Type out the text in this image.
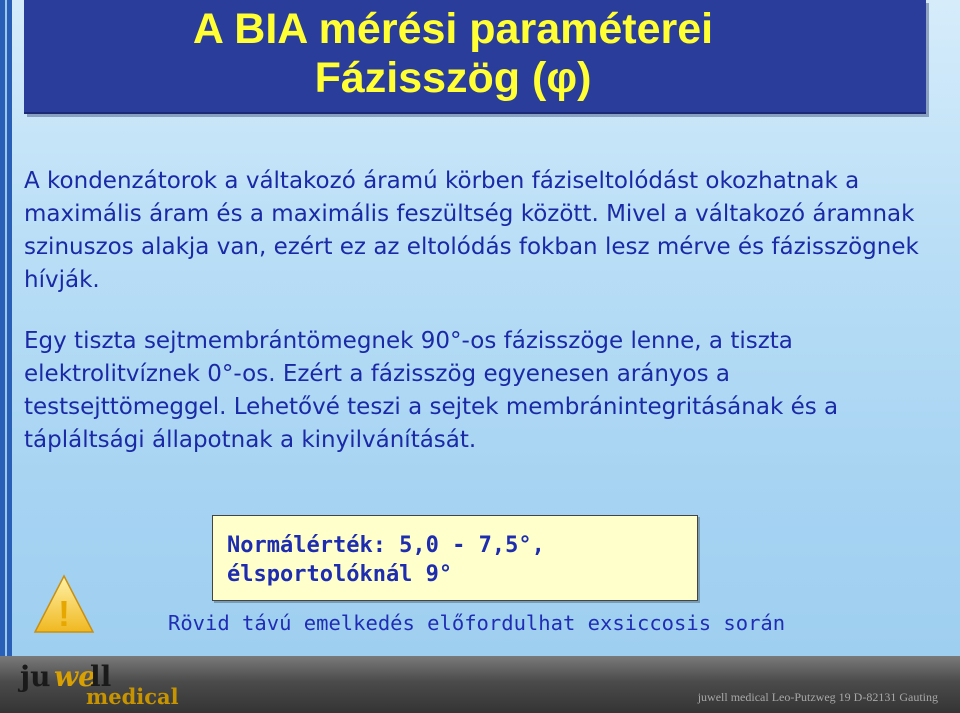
A BIA mérési paraméterei
Fázisszög (φ)
A kondenzátorok a váltakozó áramú körben fáziseltolódást okozhatnak a maximális áram és a maximális feszültség között. Mivel a váltakozó áramnak szinuszos alakja van, ezért ez az eltolódás fokban lesz mérve és fázisszögnek hívják.
Egy tiszta sejtmembrántömegnek 90°-os fázisszöge lenne, a tiszta elektrolitvíznek 0°-os. Ezért a fázisszög egyenesen arányos a testsejttömeggel. Lehetővé teszi a sejtek membránintegritásának és a tápláltsági állapotnak a kinyilvánítását.
Normálérték: 5,0 - 7,5°,
élsportolóknál 9°
!	Rövid távú emelkedés előfordulhat exsiccosis során
ju we
ll
medical	juwell medical Leo-Putzweg 19 D-82131 Gauting
